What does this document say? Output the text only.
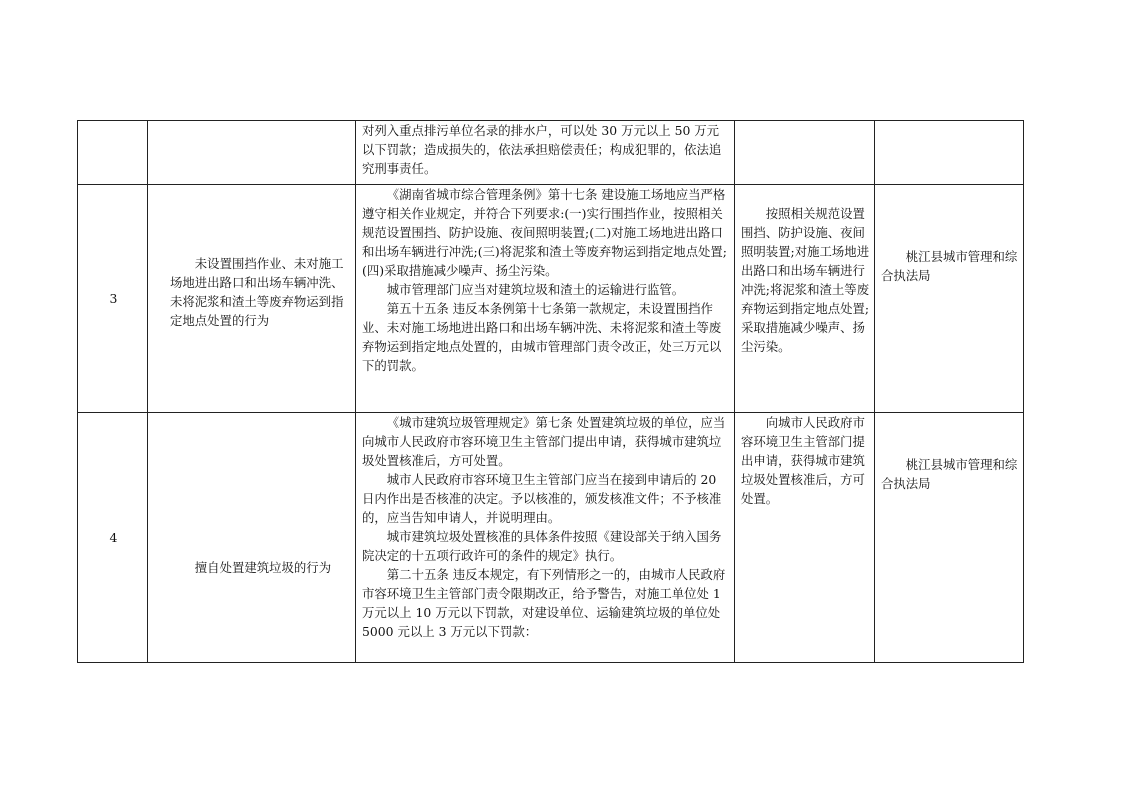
		对列入重点排污单位名录的排水户，可以处 30 万元以上 50 万元以下罚款；造成损失的，依法承担赔偿责任；构成犯罪的，依法追究刑事责任。		

3	未设置围挡作业、未对施工场地进出路口和出场车辆冲洗、未将泥浆和渣土等废弃物运到指定地点处置的行为	《湖南省城市综合管理条例》第十七条 建设施工场地应当严格遵守相关作业规定，并符合下列要求:(一)实行围挡作业，按照相关规范设置围挡、防护设施、夜间照明装置;(二)对施工场地进出路口和出场车辆进行冲洗;(三)将泥浆和渣土等废弃物运到指定地点处置;(四)采取措施减少噪声、扬尘污染。
城市管理部门应当对建筑垃圾和渣土的运输进行监管。
第五十五条 违反本条例第十七条第一款规定，未设置围挡作业、未对施工场地进出路口和出场车辆冲洗、未将泥浆和渣土等废弃物运到指定地点处置的，由城市管理部门责令改正，处三万元以下的罚款。	按照相关规范设置围挡、防护设施、夜间照明装置;对施工场地进出路口和出场车辆进行冲洗;将泥浆和渣土等废弃物运到指定地点处置;采取措施减少噪声、扬尘污染。	桃江县城市管理和综合执法局

4	擅自处置建筑垃圾的行为	《城市建筑垃圾管理规定》第七条 处置建筑垃圾的单位，应当向城市人民政府市容环境卫生主管部门提出申请，获得城市建筑垃圾处置核准后，方可处置。
城市人民政府市容环境卫生主管部门应当在接到申请后的 20 日内作出是否核准的决定。予以核准的，颁发核准文件；不予核准的，应当告知申请人，并说明理由。
城市建筑垃圾处置核准的具体条件按照《建设部关于纳入国务院决定的十五项行政许可的条件的规定》执行。
第二十五条 违反本规定，有下列情形之一的，由城市人民政府市容环境卫生主管部门责令限期改正，给予警告，对施工单位处 1 万元以上 10 万元以下罚款，对建设单位、运输建筑垃圾的单位处5000 元以上 3 万元以下罚款：	向城市人民政府市容环境卫生主管部门提出申请，获得城市建筑垃圾处置核准后，方可处置。	桃江县城市管理和综合执法局
